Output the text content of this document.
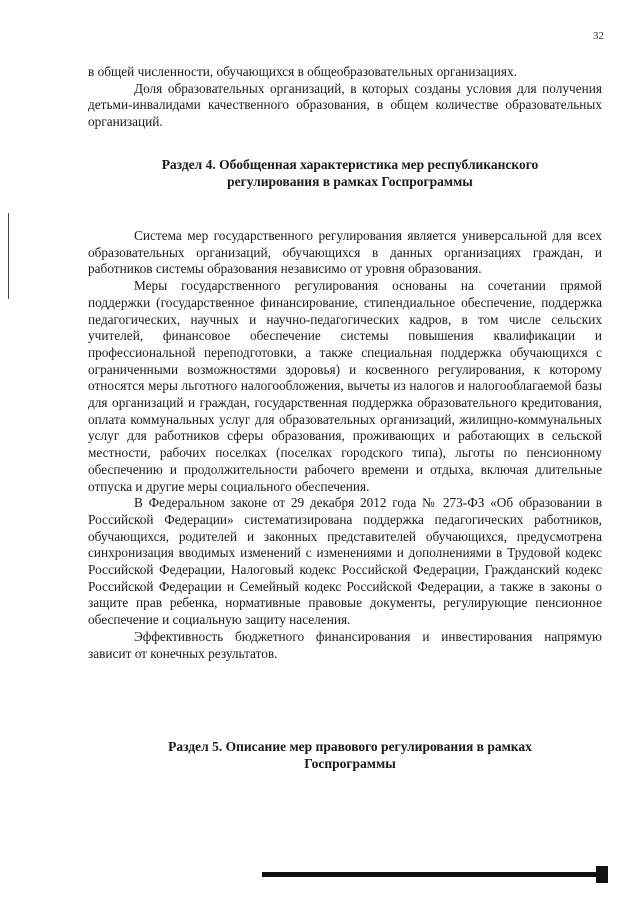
32

в общей численности, обучающихся в общеобразовательных организациях.

Доля образовательных организаций, в которых созданы условия для получения детьми-инвалидами качественного образования, в общем количестве образовательных организаций.

Раздел 4. Обобщенная характеристика мер республиканского
регулирования в рамках Госпрограммы

Система мер государственного регулирования является универсальной для всех образовательных организаций, обучающихся в данных организациях граждан, и работников системы образования независимо от уровня образования.

Меры государственного регулирования основаны на сочетании прямой поддержки (государственное финансирование, стипендиальное обеспечение, поддержка педагогических, научных и научно-педагогических кадров, в том числе сельских учителей, финансовое обеспечение системы повышения квалификации и профессиональной переподготовки, а также специальная поддержка обучающихся с ограниченными возможностями здоровья) и косвенного регулирования, к которому относятся меры льготного налогообложения, вычеты из налогов и налогооблагаемой базы для организаций и граждан, государственная поддержка образовательного кредитования, оплата коммунальных услуг для образовательных организаций, жилищно-коммунальных услуг для работников сферы образования, проживающих и работающих в сельской местности, рабочих поселках (поселках городского типа), льготы по пенсионному обеспечению и продолжительности рабочего времени и отдыха, включая длительные отпуска и другие меры социального обеспечения.

В Федеральном законе от 29 декабря 2012 года № 273-ФЗ «Об образовании в Российской Федерации» систематизирована поддержка педагогических работников, обучающихся, родителей и законных представителей обучающихся, предусмотрена синхронизация вводимых изменений с изменениями и дополнениями в Трудовой кодекс Российской Федерации, Налоговый кодекс Российской Федерации, Гражданский кодекс Российской Федерации и Семейный кодекс Российской Федерации, а также в законы о защите прав ребенка, нормативные правовые документы, регулирующие пенсионное обеспечение и социальную защиту населения.

Эффективность бюджетного финансирования и инвестирования напрямую зависит от конечных результатов.

Раздел 5. Описание мер правового регулирования в рамках
Госпрограммы
